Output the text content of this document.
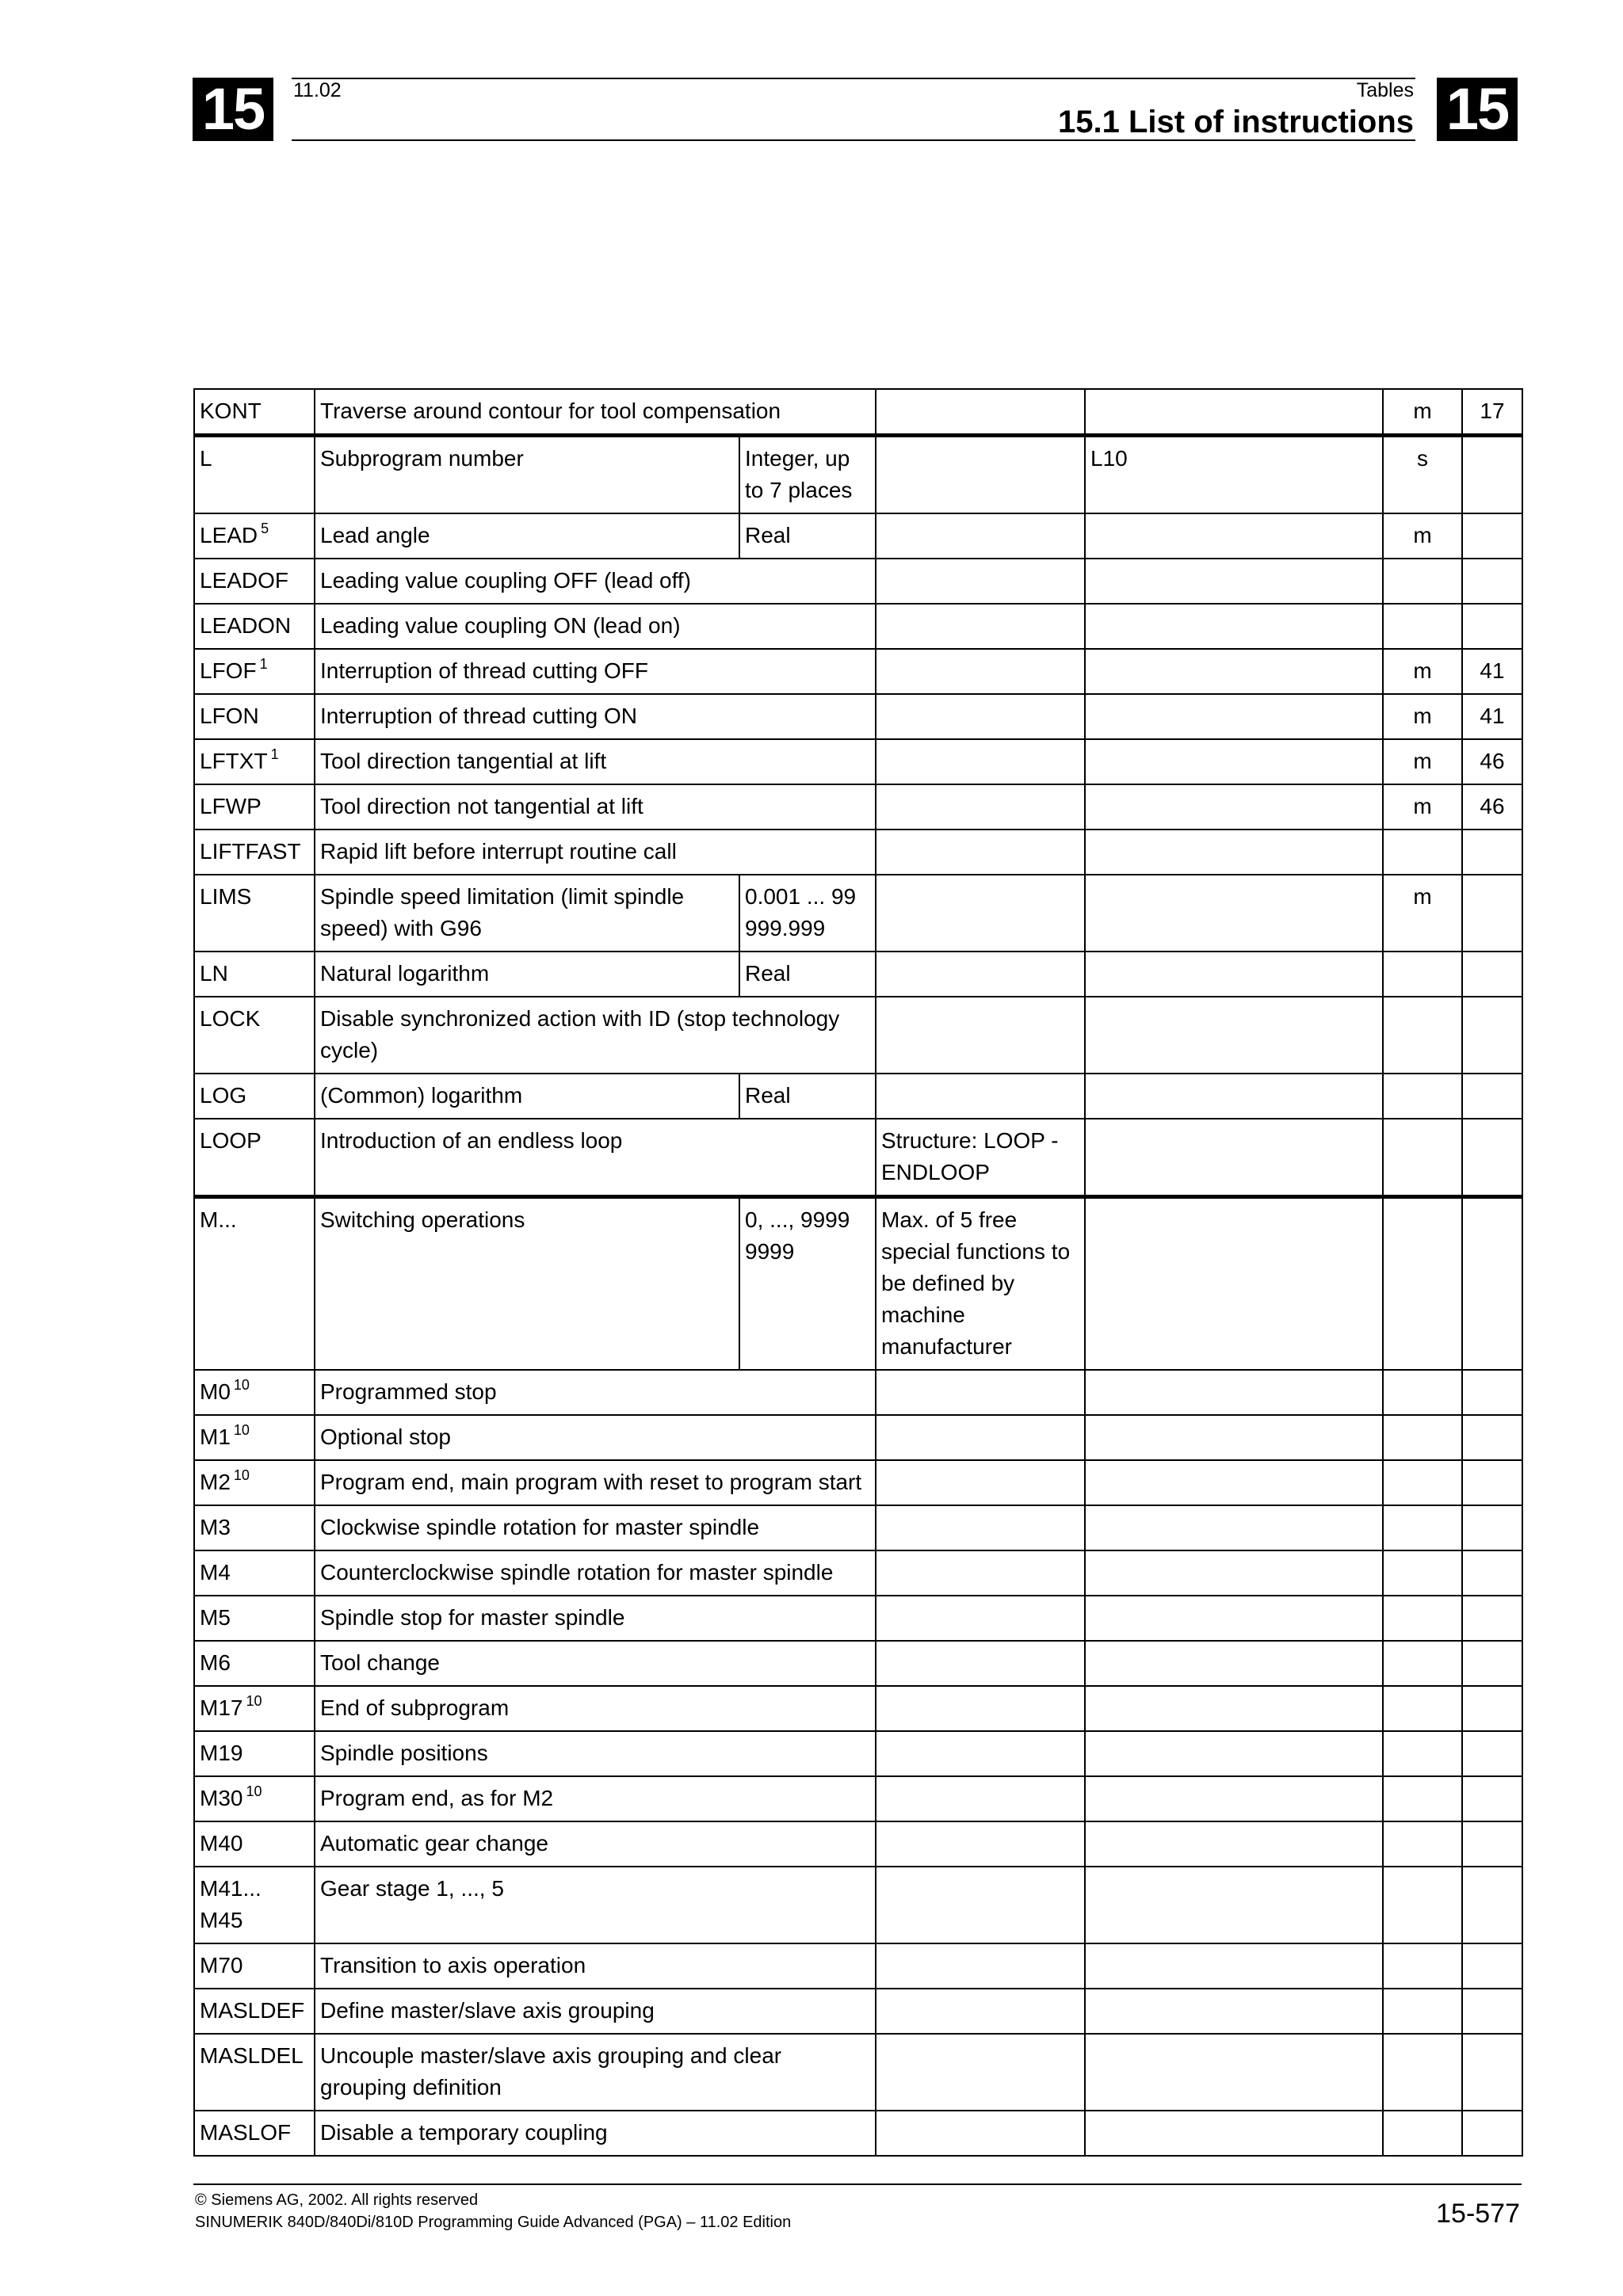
15	11.02	Tables
15.1 List of instructions 15
KONT	Traverse around contour for tool compensation				m	17
L	Subprogram number	Integer, up to 7 places		L10	s	
LEAD $^5$	Lead angle	Real			m	
LEADOF	Leading value coupling OFF (lead off)					
LEADON	Leading value coupling ON (lead on)					
LFOF $^1$	Interruption of thread cutting OFF				m	41
LFON	Interruption of thread cutting ON				m	41
LFTXT $^1$	Tool direction tangential at lift				m	46
LFWP	Tool direction not tangential at lift				m	46
LIFTFAST	Rapid lift before interrupt routine call					
LIMS	Spindle speed limitation (limit spindle speed) with G96	0.001 ... 99 999.999			m	
LN	Natural logarithm	Real				
LOCK	Disable synchronized action with ID (stop technology cycle)					
LOG	(Common) logarithm	Real				
LOOP	Introduction of an endless loop		Structure: LOOP - ENDLOOP			
M...	Switching operations	0, ..., 9999 9999	Max. of 5 free special functions to be defined by machine manufacturer			
M0 $^{10}$	Programmed stop					
M1 $^{10}$	Optional stop					
M2 $^{10}$	Program end, main program with reset to program start					
M3	Clockwise spindle rotation for master spindle					
M4	Counterclockwise spindle rotation for master spindle					
M5	Spindle stop for master spindle					
M6	Tool change					
M17 $^{10}$	End of subprogram					
M19	Spindle positions					
M30 $^{10}$	Program end, as for M2					
M40	Automatic gear change					
M41... M45	Gear stage 1, ..., 5					
M70	Transition to axis operation					
MASLDEF	Define master/slave axis grouping					
MASLDEL	Uncouple master/slave axis grouping and clear grouping definition					
MASLOF	Disable a temporary coupling					
© Siemens AG, 2002. All rights reserved
SINUMERIK 840D/840Di/810D Programming Guide Advanced (PGA) – 11.02 Edition	15-577
